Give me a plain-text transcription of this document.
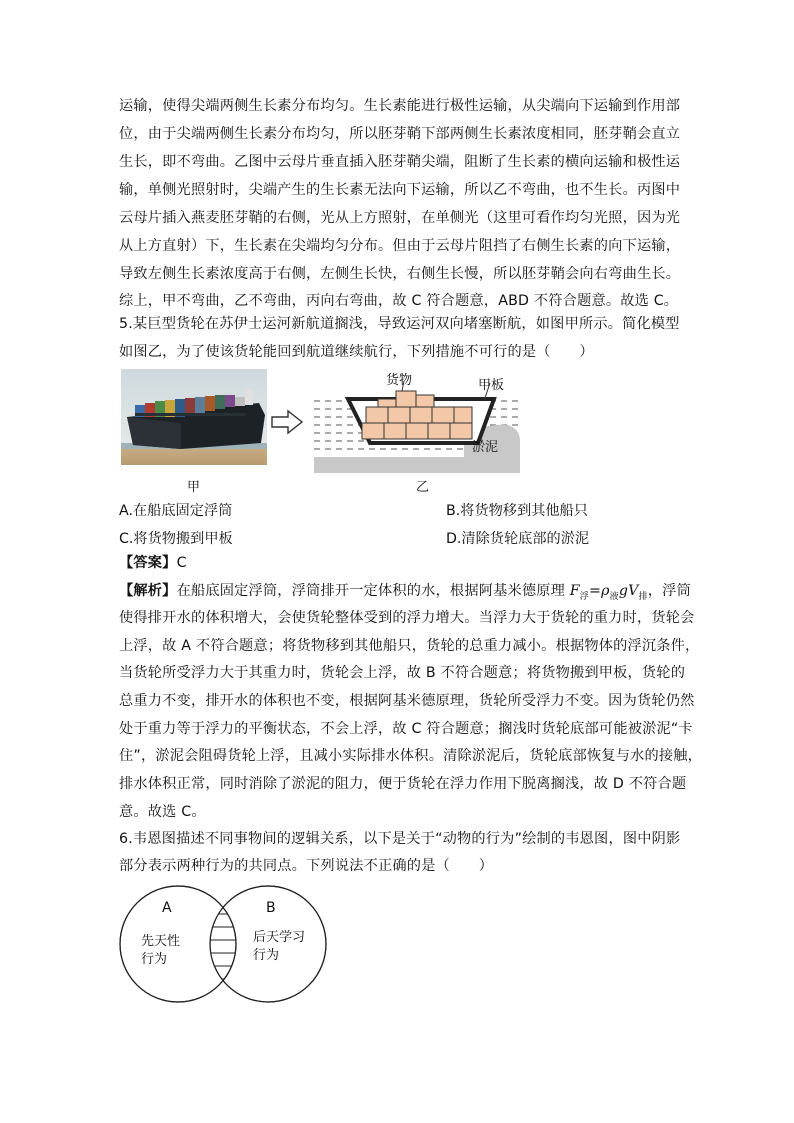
运输，使得尖端两侧生长素分布均匀。生长素能进行极性运输，从尖端向下运输到作用部
位，由于尖端两侧生长素分布均匀，所以胚芽鞘下部两侧生长素浓度相同，胚芽鞘会直立
生长，即不弯曲。乙图中云母片垂直插入胚芽鞘尖端，阻断了生长素的横向运输和极性运
输，单侧光照射时，尖端产生的生长素无法向下运输，所以乙不弯曲，也不生长。丙图中
云母片插入燕麦胚芽鞘的右侧，光从上方照射，在单侧光（这里可看作均匀光照，因为光
从上方直射）下，生长素在尖端均匀分布。但由于云母片阻挡了右侧生长素的向下运输，
导致左侧生长素浓度高于右侧，左侧生长快，右侧生长慢，所以胚芽鞘会向右弯曲生长。
综上，甲不弯曲，乙不弯曲，丙向右弯曲，故 C 符合题意，ABD 不符合题意。故选 C。
5.某巨型货轮在苏伊士运河新航道搁浅，导致运河双向堵塞断航，如图甲所示。简化模型
如图乙，为了使该货轮能回到航道继续航行，下列措施不可行的是（　　）
货物	甲板
淤泥
甲	乙
A.在船底固定浮筒	B.将货物移到其他船只
C.将货物搬到甲板	D.清除货轮底部的淤泥
【答案】C
【解析】在船底固定浮筒，浮筒排开一定体积的水，根据阿基米德原理 $F_浮=\rho_液gV_排$，浮筒
使得排开水的体积增大，会使货轮整体受到的浮力增大。当浮力大于货轮的重力时，货轮会
上浮，故 A 不符合题意；将货物移到其他船只，货轮的总重力减小。根据物体的浮沉条件，
当货轮所受浮力大于其重力时，货轮会上浮，故 B 不符合题意；将货物搬到甲板，货轮的
总重力不变，排开水的体积也不变，根据阿基米德原理，货轮所受浮力不变。因为货轮仍然
处于重力等于浮力的平衡状态，不会上浮，故 C 符合题意；搁浅时货轮底部可能被淤泥“卡
住”，淤泥会阻碍货轮上浮，且减小实际排水体积。清除淤泥后，货轮底部恢复与水的接触，
排水体积正常，同时消除了淤泥的阻力，便于货轮在浮力作用下脱离搁浅，故 D 不符合题
意。故选 C。
6.韦恩图描述不同事物间的逻辑关系，以下是关于“动物的行为”绘制的韦恩图，图中阴影
部分表示两种行为的共同点。下列说法不正确的是（　　）
A	B
先天性
行为
后天学习
行为
